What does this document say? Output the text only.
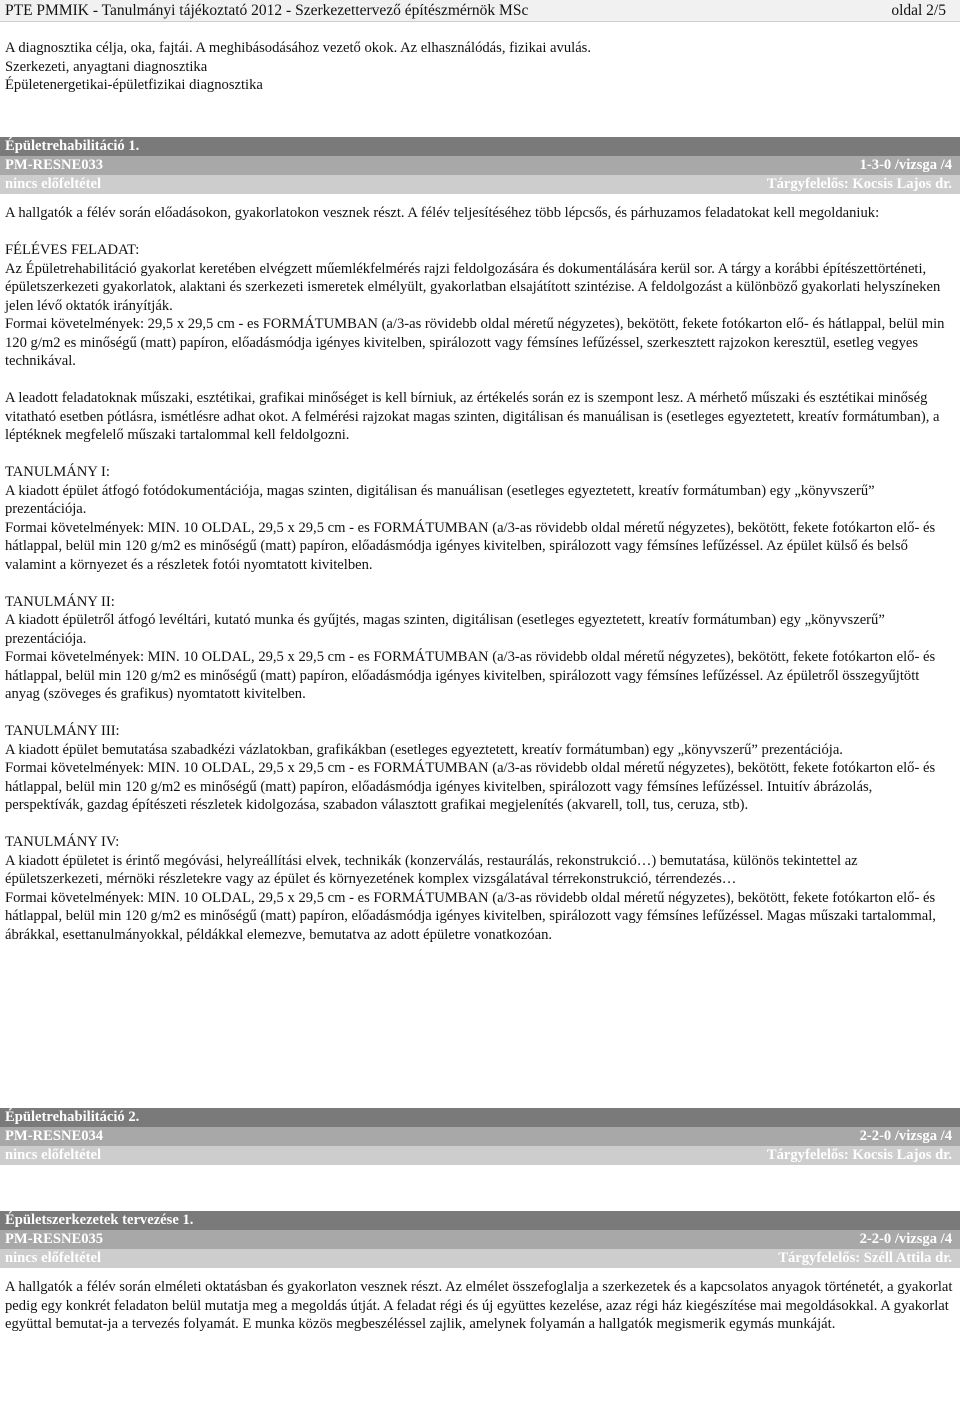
PTE PMMIK - Tanulmányi tájékoztató 2012 - Szerkezettervező építészmérnök MSc	oldal 2/5

A diagnosztika célja, oka, fajtái. A meghibásodásához vezető okok. Az elhasználódás, fizikai avulás.

Szerkezeti, anyagtani diagnosztika

Épületenergetikai-épületfizikai diagnosztika

Épületrehabilitáció 1.
PM-RESNE033	1-3-0 /vizsga /4
nincs előfeltétel	Tárgyfelelős: Kocsis Lajos dr.

A hallgatók a félév során előadásokon, gyakorlatokon vesznek részt. A félév teljesítéséhez több lépcsős, és párhuzamos feladatokat kell megoldaniuk:

FÉLÉVES FELADAT:

Az Épületrehabilitáció gyakorlat keretében elvégzett műemlékfelmérés rajzi feldolgozására és dokumentálására kerül sor. A tárgy a korábbi építészettörténeti, épületszerkezeti gyakorlatok, alaktani és szerkezeti ismeretek elmélyült, gyakorlatban elsajátított szintézise. A feldolgozást a különböző gyakorlati helyszíneken jelen lévő oktatók irányítják.

Formai követelmények: 29,5 x 29,5 cm - es FORMÁTUMBAN (a/3-as rövidebb oldal méretű négyzetes), bekötött, fekete fotókarton elő- és hátlappal, belül min 120 g/m2 es minőségű (matt) papíron, előadásmódja igényes kivitelben, spirálozott vagy fémsínes lefűzéssel, szerkesztett rajzokon keresztül, esetleg vegyes technikával.

A leadott feladatoknak műszaki, esztétikai, grafikai minőséget is kell bírniuk, az értékelés során ez is szempont lesz. A mérhető műszaki és esztétikai minőség vitatható esetben pótlásra, ismétlésre adhat okot. A felmérési rajzokat magas szinten, digitálisan és manuálisan is (esetleges egyeztetett, kreatív formátumban), a léptéknek megfelelő műszaki tartalommal kell feldolgozni.

TANULMÁNY I:

A kiadott épület átfogó fotódokumentációja, magas szinten, digitálisan és manuálisan (esetleges egyeztetett, kreatív formátumban) egy „könyvszerű” prezentációja.

Formai követelmények: MIN. 10 OLDAL, 29,5 x 29,5 cm - es FORMÁTUMBAN (a/3-as rövidebb oldal méretű négyzetes), bekötött, fekete fotókarton elő- és hátlappal, belül min 120 g/m2 es minőségű (matt) papíron, előadásmódja igényes kivitelben, spirálozott vagy fémsínes lefűzéssel. Az épület külső és belső valamint a környezet és a részletek fotói nyomtatott kivitelben.

TANULMÁNY II:

A kiadott épületről átfogó levéltári, kutató munka és gyűjtés, magas szinten, digitálisan (esetleges egyeztetett, kreatív formátumban) egy „könyvszerű” prezentációja.

Formai követelmények: MIN. 10 OLDAL, 29,5 x 29,5 cm - es FORMÁTUMBAN (a/3-as rövidebb oldal méretű négyzetes), bekötött, fekete fotókarton elő- és hátlappal, belül min 120 g/m2 es minőségű (matt) papíron, előadásmódja igényes kivitelben, spirálozott vagy fémsínes lefűzéssel. Az épületről összegyűjtött anyag (szöveges és grafikus) nyomtatott kivitelben.

TANULMÁNY III:

A kiadott épület bemutatása szabadkézi vázlatokban, grafikákban (esetleges egyeztetett, kreatív formátumban) egy „könyvszerű” prezentációja.

Formai követelmények: MIN. 10 OLDAL, 29,5 x 29,5 cm - es FORMÁTUMBAN (a/3-as rövidebb oldal méretű négyzetes), bekötött, fekete fotókarton elő- és hátlappal, belül min 120 g/m2 es minőségű (matt) papíron, előadásmódja igényes kivitelben, spirálozott vagy fémsínes lefűzéssel. Intuitív ábrázolás, perspektívák, gazdag építészeti részletek kidolgozása, szabadon választott grafikai megjelenítés (akvarell, toll, tus, ceruza, stb).

TANULMÁNY IV:

A kiadott épületet is érintő megóvási, helyreállítási elvek, technikák (konzerválás, restaurálás, rekonstrukció…) bemutatása, különös tekintettel az épületszerkezeti, mérnöki részletekre vagy az épület és környezetének komplex vizsgálatával térrekonstrukció, térrendezés…

Formai követelmények: MIN. 10 OLDAL, 29,5 x 29,5 cm - es FORMÁTUMBAN (a/3-as rövidebb oldal méretű négyzetes), bekötött, fekete fotókarton elő- és hátlappal, belül min 120 g/m2 es minőségű (matt) papíron, előadásmódja igényes kivitelben, spirálozott vagy fémsínes lefűzéssel. Magas műszaki tartalommal, ábrákkal, esettanulmányokkal, példákkal elemezve, bemutatva az adott épületre vonatkozóan.

Épületrehabilitáció 2.
PM-RESNE034	2-2-0 /vizsga /4
nincs előfeltétel	Tárgyfelelős: Kocsis Lajos dr.
Épületszerkezetek tervezése 1.
PM-RESNE035	2-2-0 /vizsga /4
nincs előfeltétel	Tárgyfelelős: Széll Attila dr.

A hallgatók a félév során elméleti oktatásban és gyakorlaton vesznek részt. Az elmélet összefoglalja a szerkezetek és a kapcsolatos anyagok történetét, a gyakorlat pedig egy konkrét feladaton belül mutatja meg a megoldás útját. A feladat régi és új együttes kezelése, azaz régi ház kiegészítése mai megoldásokkal. A gyakorlat együttal bemutat-ja a tervezés folyamát. E munka közös megbeszéléssel zajlik, amelynek folyamán a hallgatók megismerik egymás munkáját.
